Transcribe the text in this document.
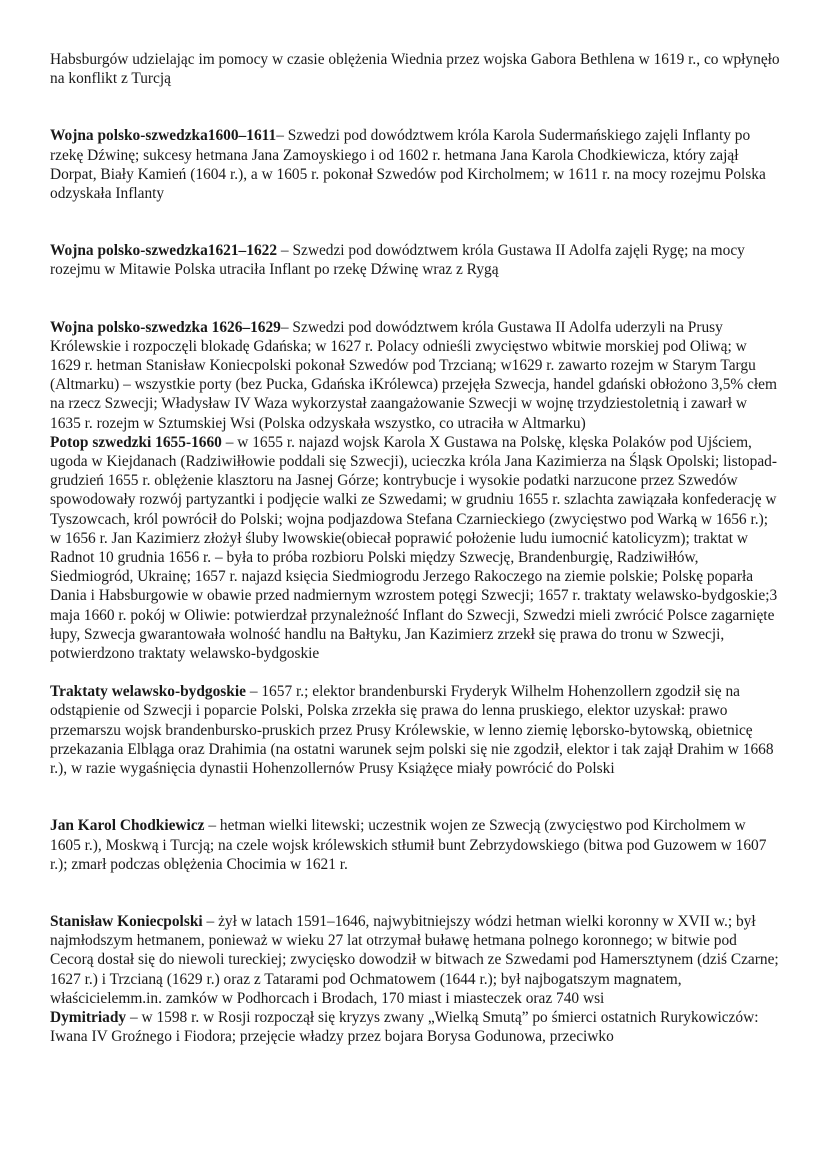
Habsburgów udzielając im pomocy w czasie oblężenia Wiednia przez wojska Gabora Bethlena w 1619 r., co wpłynęło na konflikt z Turcją

Wojna polsko-szwedzka1600–1611– Szwedzi pod dowództwem króla Karola Sudermańskiego zajęli Inflanty po rzekę Dźwinę; sukcesy hetmana Jana Zamoyskiego i od 1602 r. hetmana Jana Karola Chodkiewicza, który zajął Dorpat, Biały Kamień (1604 r.), a w 1605 r. pokonał Szwedów pod Kircholmem; w 1611 r. na mocy rozejmu Polska odzyskała Inflanty

Wojna polsko-szwedzka1621–1622 – Szwedzi pod dowództwem króla Gustawa II Adolfa zajęli Rygę; na mocy rozejmu w Mitawie Polska utraciła Inflant po rzekę Dźwinę wraz z Rygą

Wojna polsko-szwedzka 1626–1629– Szwedzi pod dowództwem króla Gustawa II Adolfa uderzyli na Prusy Królewskie i rozpoczęli blokadę Gdańska; w 1627 r. Polacy odnieśli zwycięstwo wbitwie morskiej pod Oliwą; w 1629 r. hetman Stanisław Koniecpolski pokonał Szwedów pod Trzcianą; w1629 r. zawarto rozejm w Starym Targu (Altmarku) – wszystkie porty (bez Pucka, Gdańska iKrólewca) przejęła Szwecja, handel gdański obłożono 3,5% cłem na rzecz Szwecji; Władysław IV Waza wykorzystał zaangażowanie Szwecji w wojnę trzydziestoletnią i zawarł w 1635 r. rozejm w Sztumskiej Wsi (Polska odzyskała wszystko, co utraciła w Altmarku)

Potop szwedzki 1655-1660 – w 1655 r. najazd wojsk Karola X Gustawa na Polskę, klęska Polaków pod Ujściem, ugoda w Kiejdanach (Radziwiłłowie poddali się Szwecji), ucieczka króla Jana Kazimierza na Śląsk Opolski; listopad-grudzień 1655 r. oblężenie klasztoru na Jasnej Górze; kontrybucje i wysokie podatki narzucone przez Szwedów spowodowały rozwój partyzantki i podjęcie walki ze Szwedami; w grudniu 1655 r. szlachta zawiązała konfederację w Tyszowcach, król powrócił do Polski; wojna podjazdowa Stefana Czarnieckiego (zwycięstwo pod Warką w 1656 r.); w 1656 r. Jan Kazimierz złożył śluby lwowskie(obiecał poprawić położenie ludu iumocnić katolicyzm); traktat w Radnot 10 grudnia 1656 r. – była to próba rozbioru Polski między Szwecję, Brandenburgię, Radziwiłłów, Siedmiogród, Ukrainę; 1657 r. najazd księcia Siedmiogrodu Jerzego Rakoczego na ziemie polskie; Polskę poparła Dania i Habsburgowie w obawie przed nadmiernym wzrostem potęgi Szwecji; 1657 r. traktaty welawsko-bydgoskie;3 maja 1660 r. pokój w Oliwie: potwierdzał przynależność Inflant do Szwecji, Szwedzi mieli zwrócić Polsce zagarnięte łupy, Szwecja gwarantowała wolność handlu na Bałtyku, Jan Kazimierz zrzekł się prawa do tronu w Szwecji, potwierdzono traktaty welawsko-bydgoskie

Traktaty welawsko-bydgoskie – 1657 r.; elektor brandenburski Fryderyk Wilhelm Hohenzollern zgodził się na odstąpienie od Szwecji i poparcie Polski, Polska zrzekła się prawa do lenna pruskiego, elektor uzyskał: prawo przemarszu wojsk brandenbursko-pruskich przez Prusy Królewskie, w lenno ziemię lęborsko-bytowską, obietnicę przekazania Elbląga oraz Drahimia (na ostatni warunek sejm polski się nie zgodził, elektor i tak zajął Drahim w 1668 r.), w razie wygaśnięcia dynastii Hohenzollernów Prusy Książęce miały powrócić do Polski

Jan Karol Chodkiewicz – hetman wielki litewski; uczestnik wojen ze Szwecją (zwycięstwo pod Kircholmem w 1605 r.), Moskwą i Turcją; na czele wojsk królewskich stłumił bunt Zebrzydowskiego (bitwa pod Guzowem w 1607 r.); zmarł podczas oblężenia Chocimia w 1621 r.

Stanisław Koniecpolski – żył w latach 1591–1646, najwybitniejszy wódzi hetman wielki koronny w XVII w.; był najmłodszym hetmanem, ponieważ w wieku 27 lat otrzymał buławę hetmana polnego koronnego; w bitwie pod Cecorą dostał się do niewoli tureckiej; zwycięsko dowodził w bitwach ze Szwedami pod Hamersztynem (dziś Czarne; 1627 r.) i Trzcianą (1629 r.) oraz z Tatarami pod Ochmatowem (1644 r.); był najbogatszym magnatem, właścicielemm.in. zamków w Podhorcach i Brodach, 170 miast i miasteczek oraz 740 wsi

Dymitriady – w 1598 r. w Rosji rozpoczął się kryzys zwany „Wielką Smutą” po śmierci ostatnich Rurykowiczów: Iwana IV Groźnego i Fiodora; przejęcie władzy przez bojara Borysa Godunowa, przeciwko
